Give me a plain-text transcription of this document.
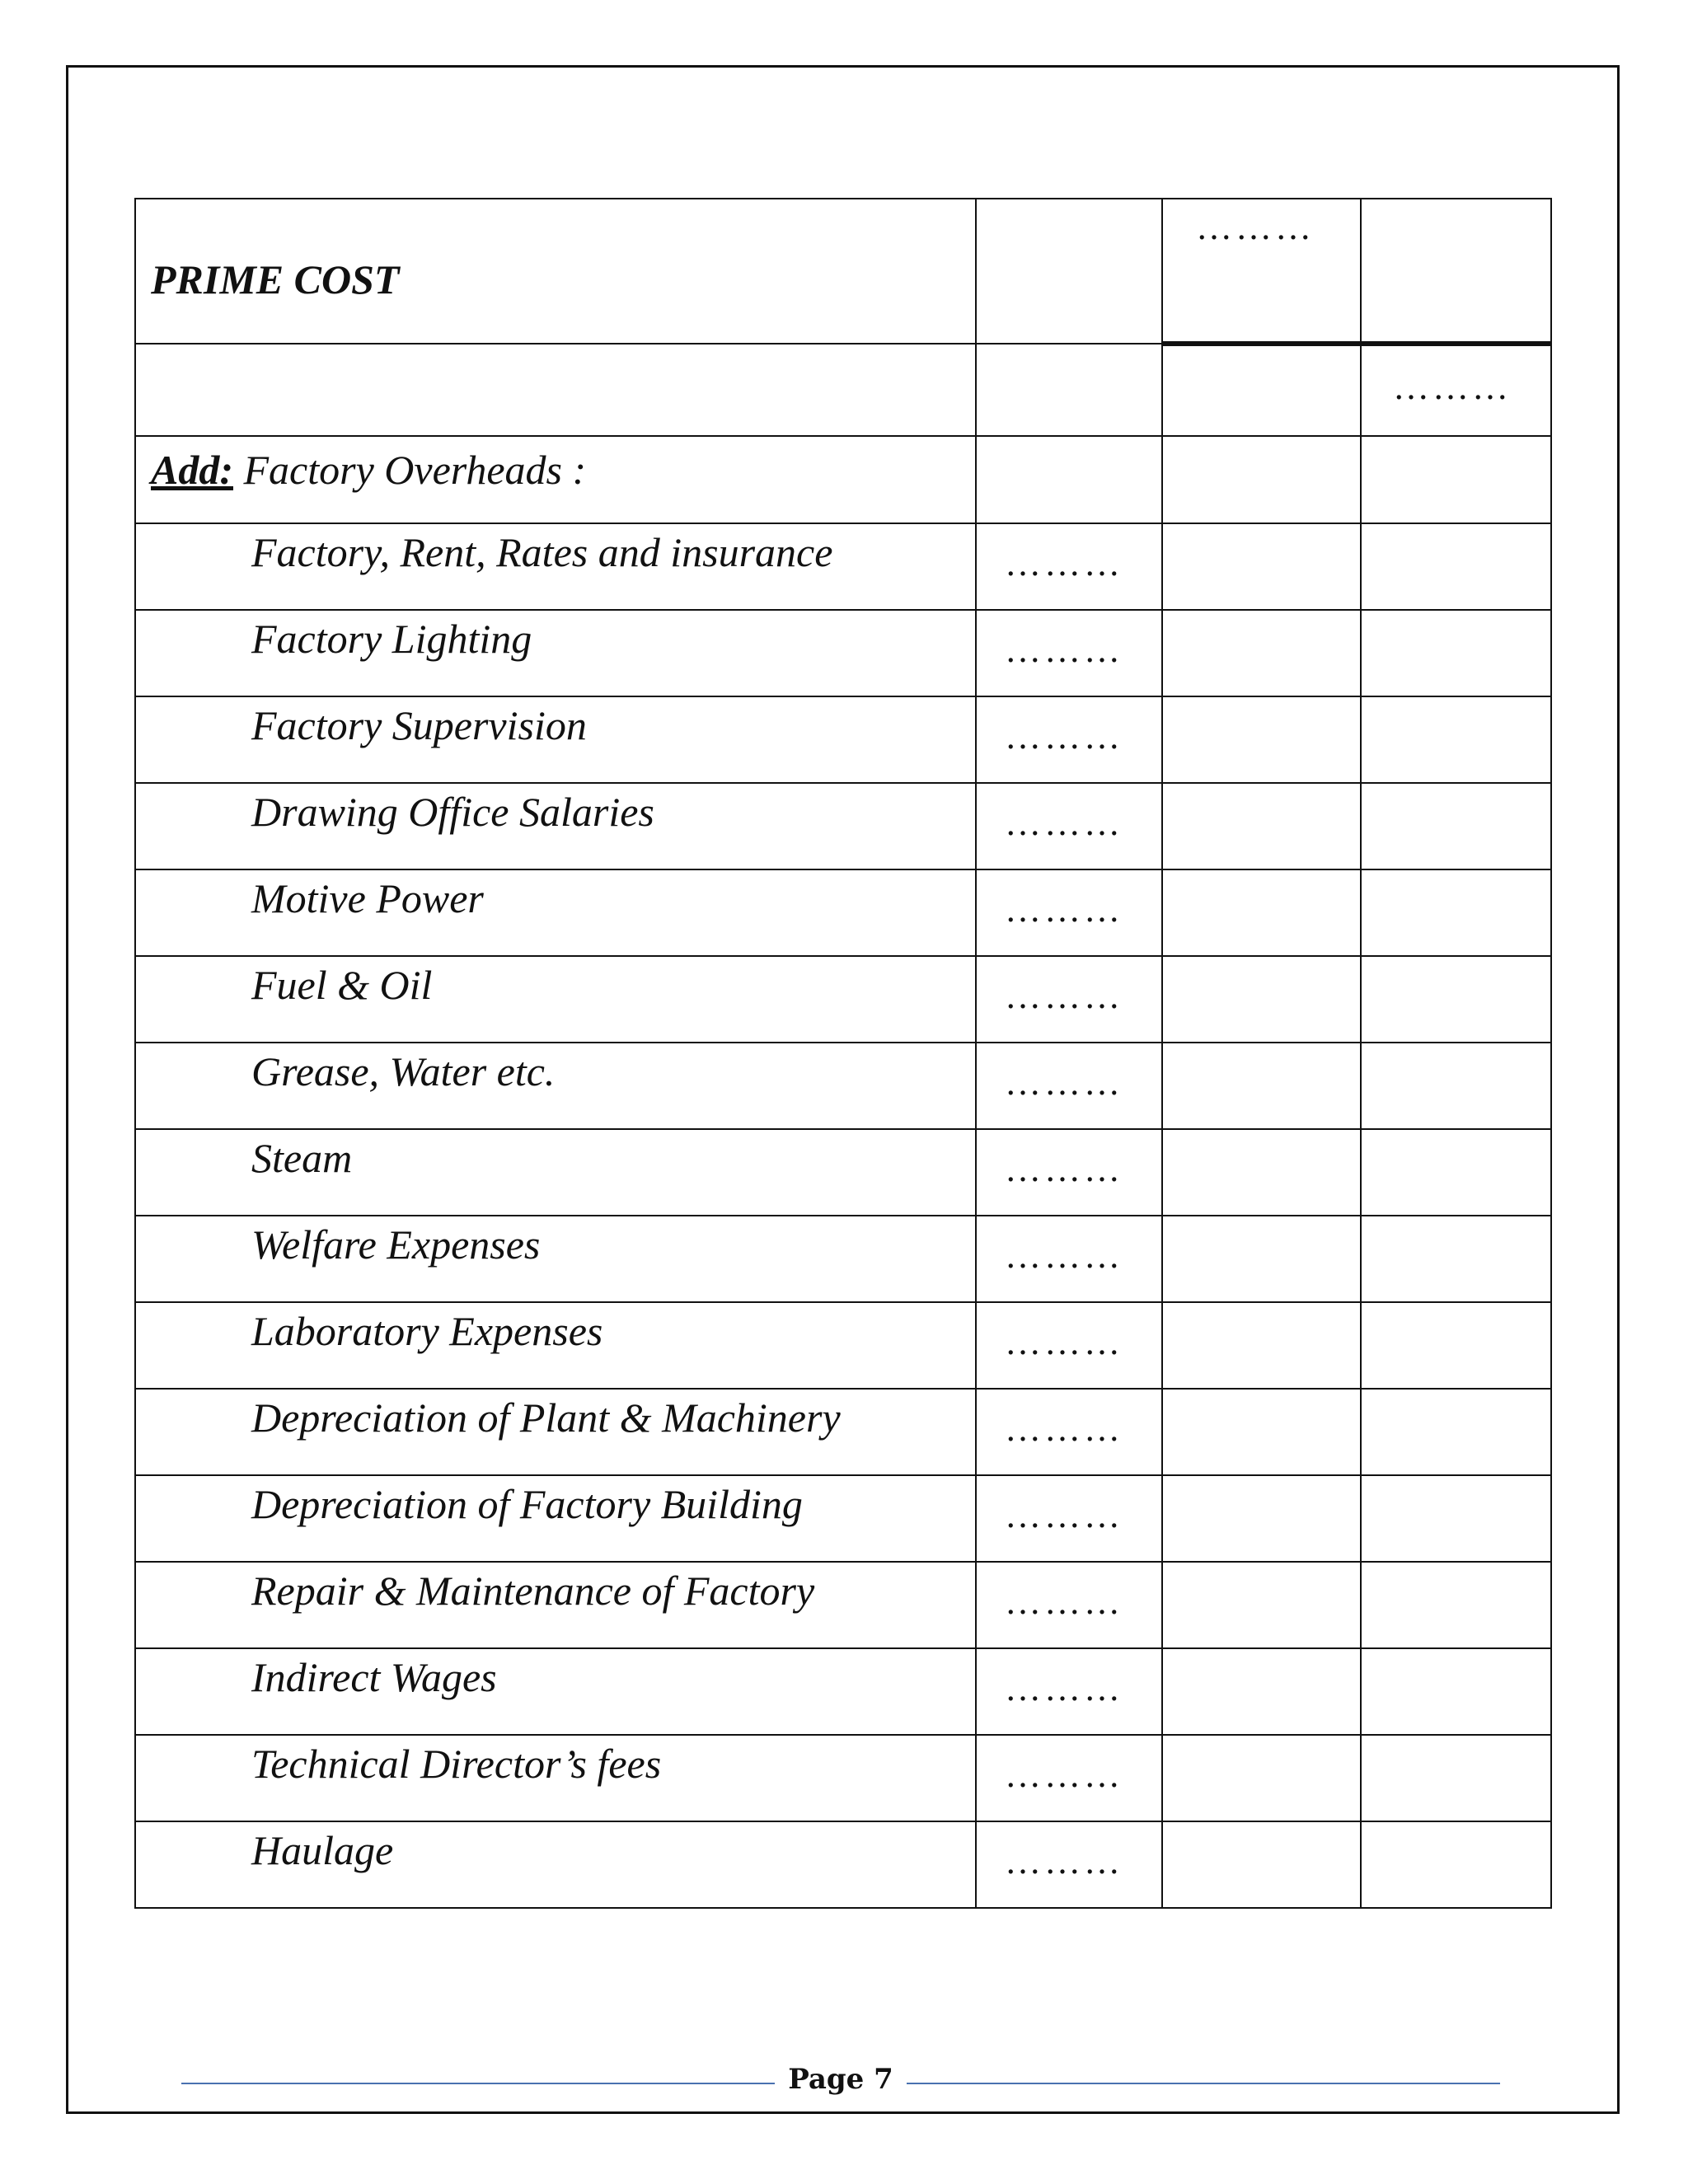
PRIME COST		………	

			………

Add: Factory Overheads :			

Factory, Rent, Rates and insurance	………		

Factory Lighting	………		

Factory Supervision	………		

Drawing Office Salaries	………		

Motive Power	………		

Fuel & Oil	………		

Grease, Water etc.	………		

Steam	………		

Welfare Expenses	………		

Laboratory Expenses	………		

Depreciation of Plant & Machinery	………		

Depreciation of Factory Building	………		

Repair & Maintenance of Factory	………		

Indirect Wages	………		

Technical Director’s fees	………		

Haulage	………		

Page 7
